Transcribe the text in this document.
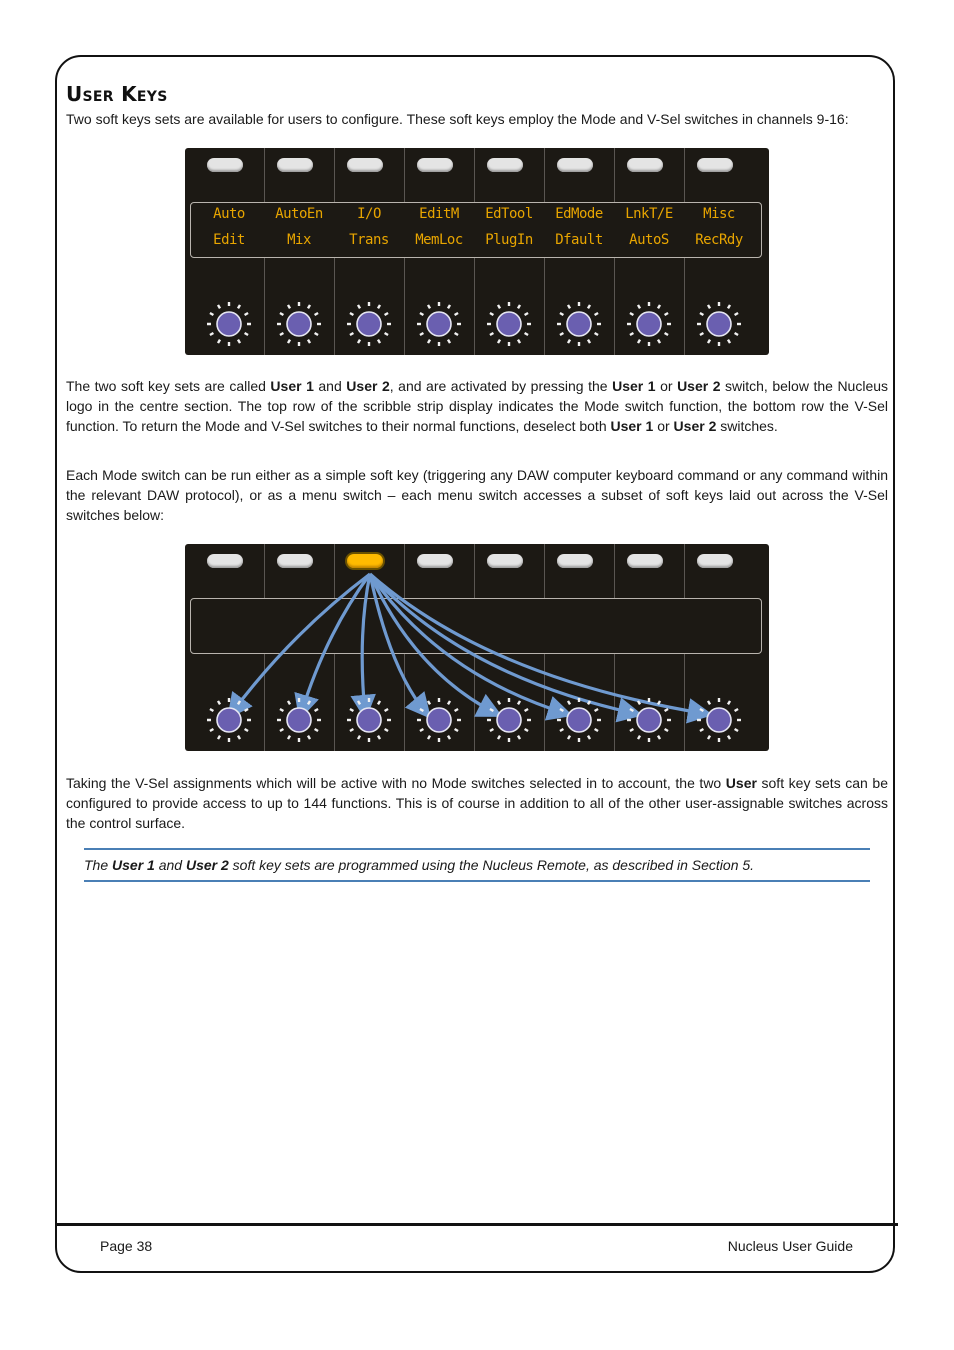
User Keys

Two soft keys sets are available for users to configure. These soft keys employ the Mode and V-Sel switches in channels 9-16:

Auto
Edit
AutoEn
Mix
I/O
Trans
EditM
MemLoc
EdTool
PlugIn
EdMode
Dfault
LnkT/E
AutoS
Misc
RecRdy

The two soft key sets are called User 1 and User 2, and are activated by pressing the User 1 or User 2 switch, below the Nucleus logo in the centre section. The top row of the scribble strip display indicates the Mode switch function, the bottom row the V-Sel function. To return the Mode and V-Sel switches to their normal functions, deselect both User 1 or User 2 switches.

Each Mode switch can be run either as a simple soft key (triggering any DAW computer keyboard command or any command within the relevant DAW protocol), or as a menu switch – each menu switch accesses a subset of soft keys laid out across the V-Sel switches below:

Taking the V-Sel assignments which will be active with no Mode switches selected in to account, the two User soft key sets can be configured to provide access to up to 144 functions. This is of course in addition to all of the other user-assignable switches across the control surface.

The User 1 and User 2 soft key sets are programmed using the Nucleus Remote, as described in Section 5.

Page 38	Nucleus User Guide
